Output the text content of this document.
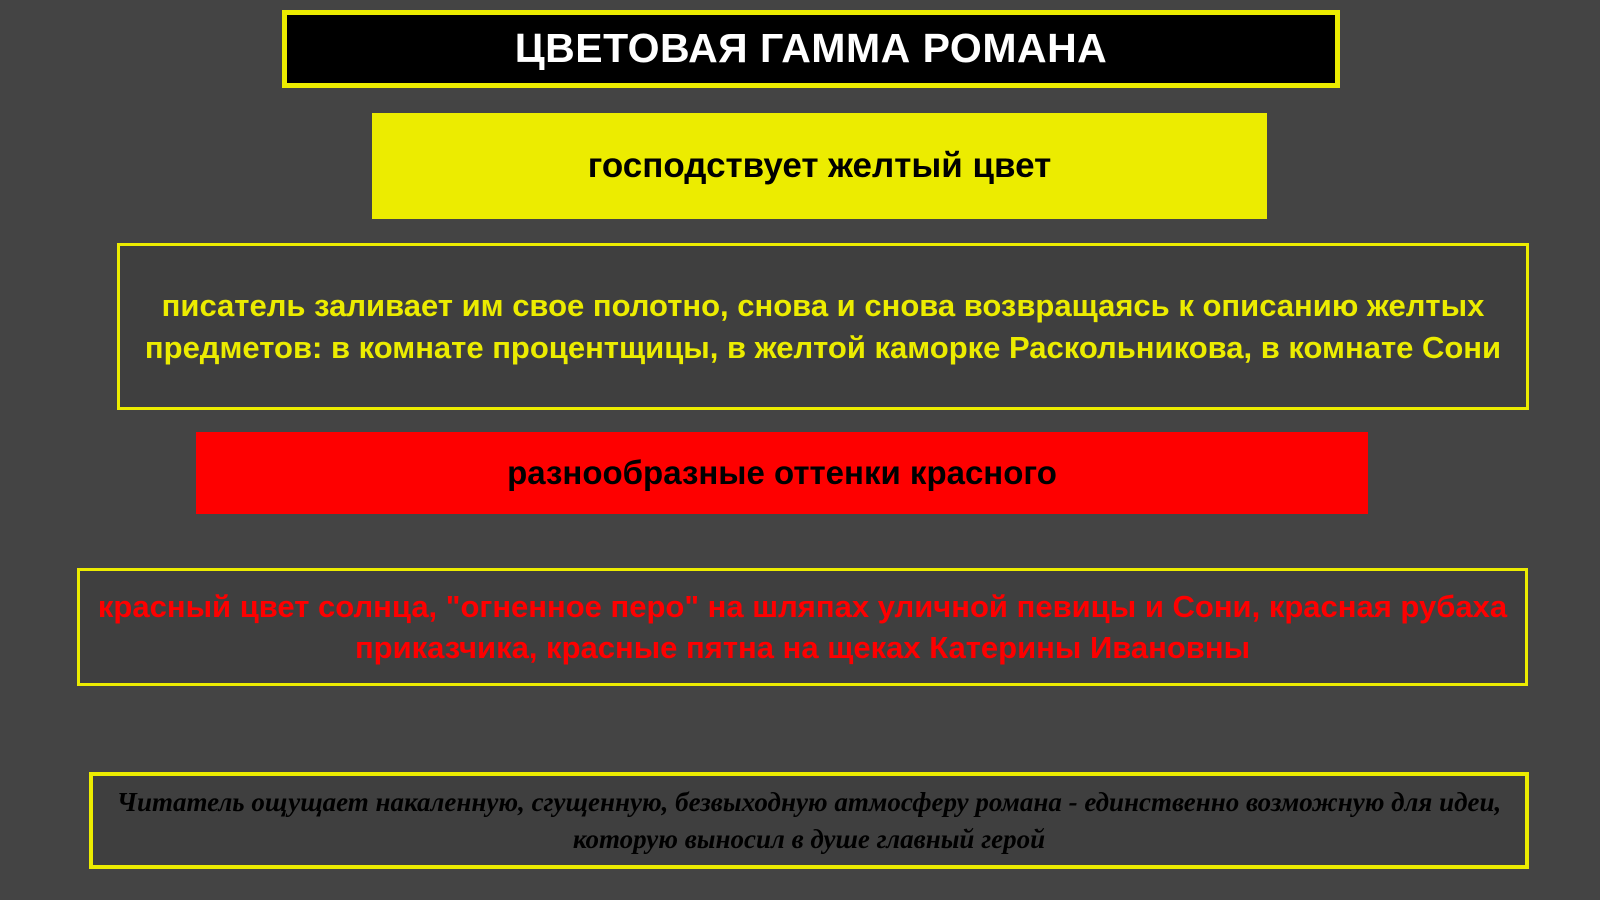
ЦВЕТОВАЯ ГАММА РОМАНА
господствует желтый цвет
писатель заливает им свое полотно, снова и снова возвращаясь к описанию желтых предметов: в комнате процентщицы, в желтой каморке Раскольникова, в комнате Сони
разнообразные оттенки красного
красный цвет солнца, "огненное перо" на шляпах уличной певицы и Сони, красная рубаха приказчика, красные пятна на щеках Катерины Ивановны
Читатель ощущает накаленную, сгущенную, безвыходную атмосферу романа - единственно возможную для идеи, которую выносил в душе главный герой
